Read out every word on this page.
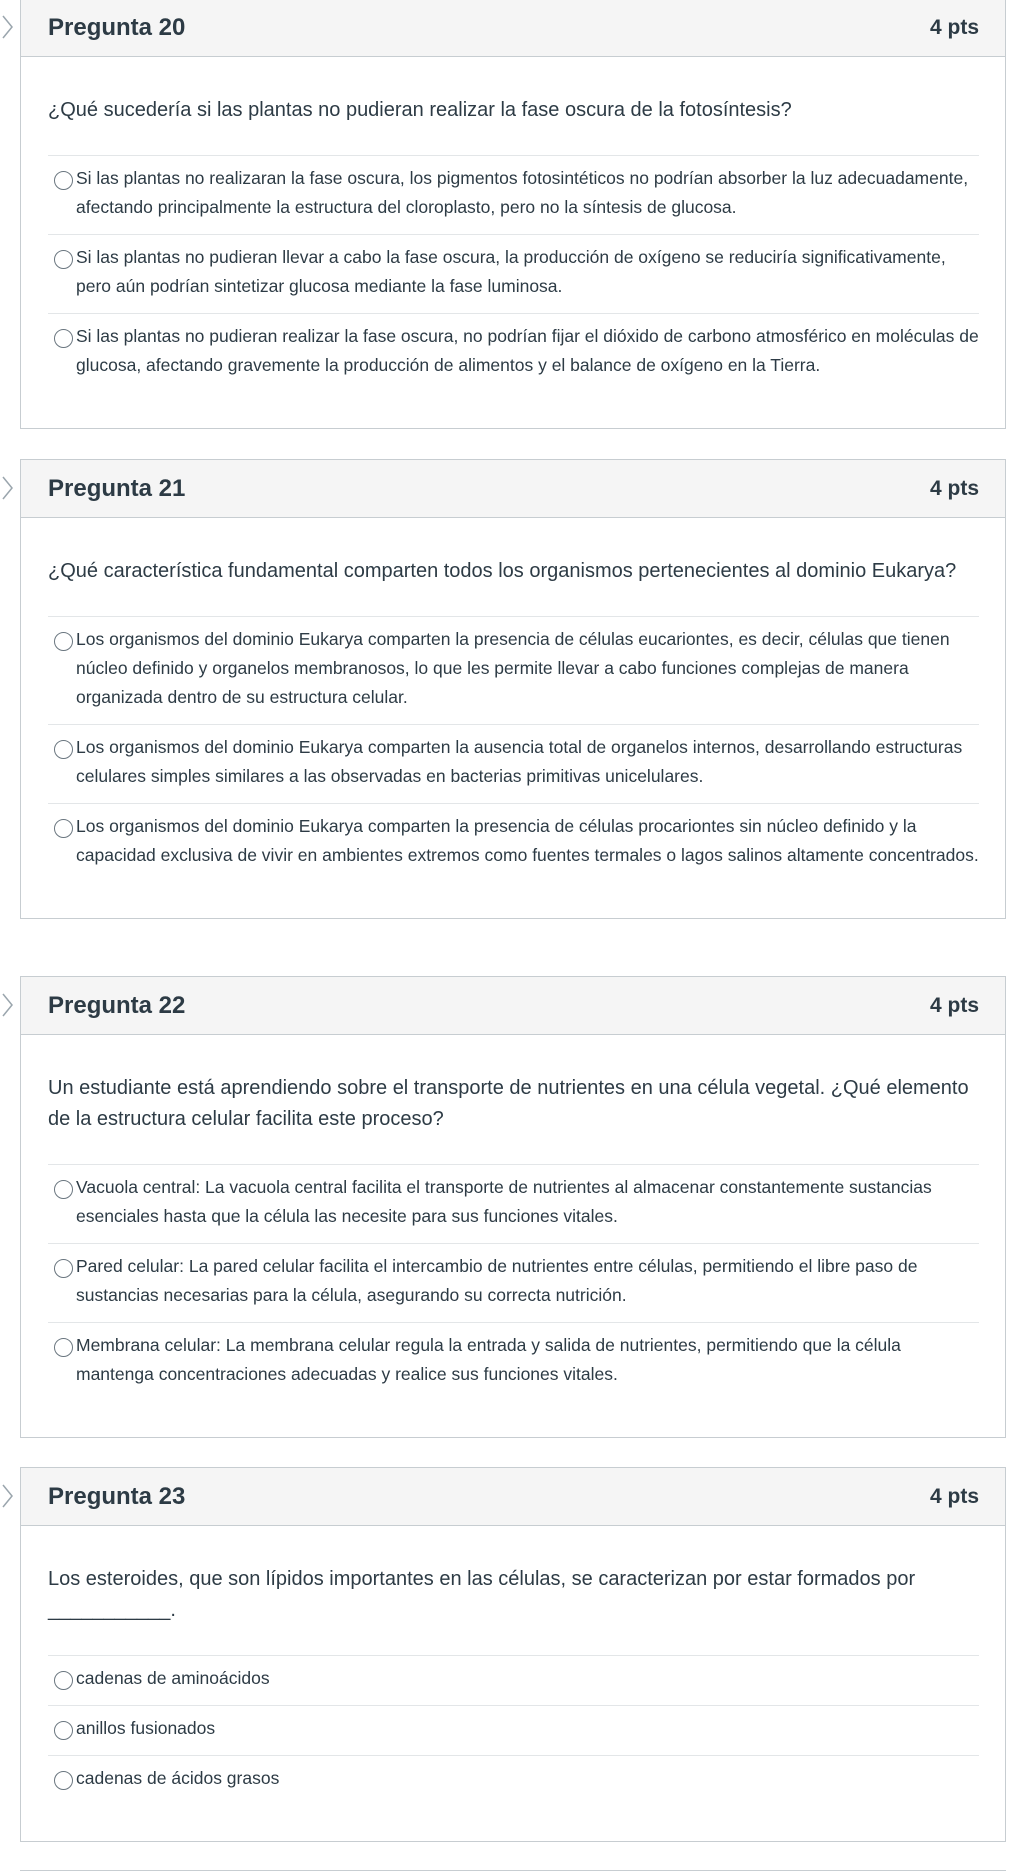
Pregunta 20	4 pts

¿Qué sucedería si las plantas no pudieran realizar la fase oscura de la fotosíntesis?

Si las plantas no realizaran la fase oscura, los pigmentos fotosintéticos no podrían absorber la luz adecuadamente, afectando principalmente la estructura del cloroplasto, pero no la síntesis de glucosa.
Si las plantas no pudieran llevar a cabo la fase oscura, la producción de oxígeno se reduciría significativamente, pero aún podrían sintetizar glucosa mediante la fase luminosa.
Si las plantas no pudieran realizar la fase oscura, no podrían fijar el dióxido de carbono atmosférico en moléculas de glucosa, afectando gravemente la producción de alimentos y el balance de oxígeno en la Tierra.
Pregunta 21	4 pts

¿Qué característica fundamental comparten todos los organismos pertenecientes al dominio Eukarya?

Los organismos del dominio Eukarya comparten la presencia de células eucariontes, es decir, células que tienen núcleo definido y organelos membranosos, lo que les permite llevar a cabo funciones complejas de manera organizada dentro de su estructura celular.
Los organismos del dominio Eukarya comparten la ausencia total de organelos internos, desarrollando estructuras celulares simples similares a las observadas en bacterias primitivas unicelulares.
Los organismos del dominio Eukarya comparten la presencia de células procariontes sin núcleo definido y la capacidad exclusiva de vivir en ambientes extremos como fuentes termales o lagos salinos altamente concentrados.
Pregunta 22	4 pts

Un estudiante está aprendiendo sobre el transporte de nutrientes en una célula vegetal. ¿Qué elemento de la estructura celular facilita este proceso?

Vacuola central: La vacuola central facilita el transporte de nutrientes al almacenar constantemente sustancias esenciales hasta que la célula las necesite para sus funciones vitales.
Pared celular: La pared celular facilita el intercambio de nutrientes entre células, permitiendo el libre paso de sustancias necesarias para la célula, asegurando su correcta nutrición.
Membrana celular: La membrana celular regula la entrada y salida de nutrientes, permitiendo que la célula mantenga concentraciones adecuadas y realice sus funciones vitales.
Pregunta 23	4 pts

Los esteroides, que son lípidos importantes en las células, se caracterizan por estar formados por ___________.

cadenas de aminoácidos
anillos fusionados
cadenas de ácidos grasos
